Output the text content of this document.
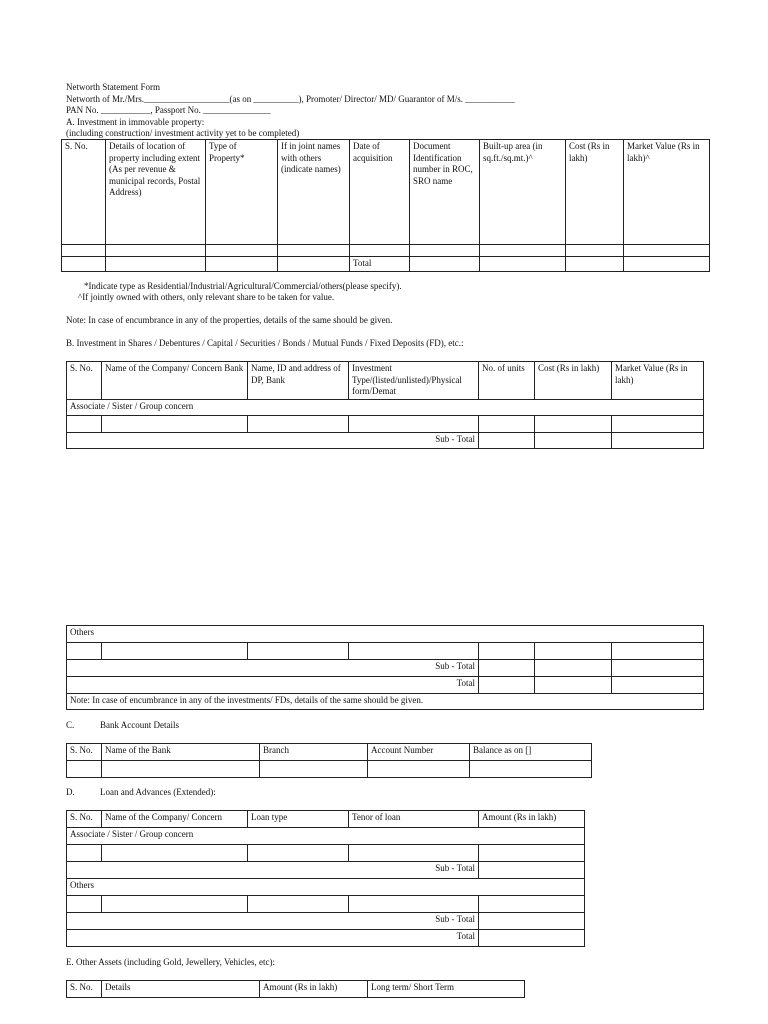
Networth Statement Form
Networth of Mr./Mrs.___________________(as on __________), Promoter/ Director/ MD/ Guarantor of M/s. ___________
PAN No. ___________, Passport No. _______________
A. Investment in immovable property:
(including construction/ investment activity yet to be completed)
S. No.	Details of location of property including extent (As per revenue & municipal records, Postal Address)	Type of Property*	If in joint names with others (indicate names)	Date of acquisition	Document Identification number in ROC, SRO name	Built-up area (in sq.ft./sq.mt.)^	Cost (Rs in lakh)	Market Value (Rs in lakh)^

				Total				
*Indicate type as Residential/Industrial/Agricultural/Commercial/others(please specify).
^If jointly owned with others, only relevant share to be taken for value.
Note: In case of encumbrance in any of the properties, details of the same should be given.
B. Investment in Shares / Debentures / Capital / Securities / Bonds / Mutual Funds / Fixed Deposits (FD), etc.:
S. No.	Name of the Company/ Concern Bank	Name, ID and address of DP, Bank	Investment Type/(listed/unlisted)/Physical form/Demat	No. of units	Cost (Rs in lakh)	Market Value (Rs in lakh)
Associate / Sister / Group concern						

Sub - Total						
Others						

Sub - Total						
Total						
Note: In case of encumbrance in any of the investments/ FDs, details of the same should be given.						
C.	Bank Account Details
S. No.	Name of the Bank	Branch	Account Number	Balance as on []

D.	Loan and Advances (Extended):
S. No.	Name of the Company/ Concern	Loan type	Tenor of loan	Amount (Rs in lakh)
Associate / Sister / Group concern				

Sub - Total				
Others				

Sub - Total				
Total				
E. Other Assets (including Gold, Jewellery, Vehicles, etc):
S. No.	Details	Amount (Rs in lakh)	Long term/ Short Term
